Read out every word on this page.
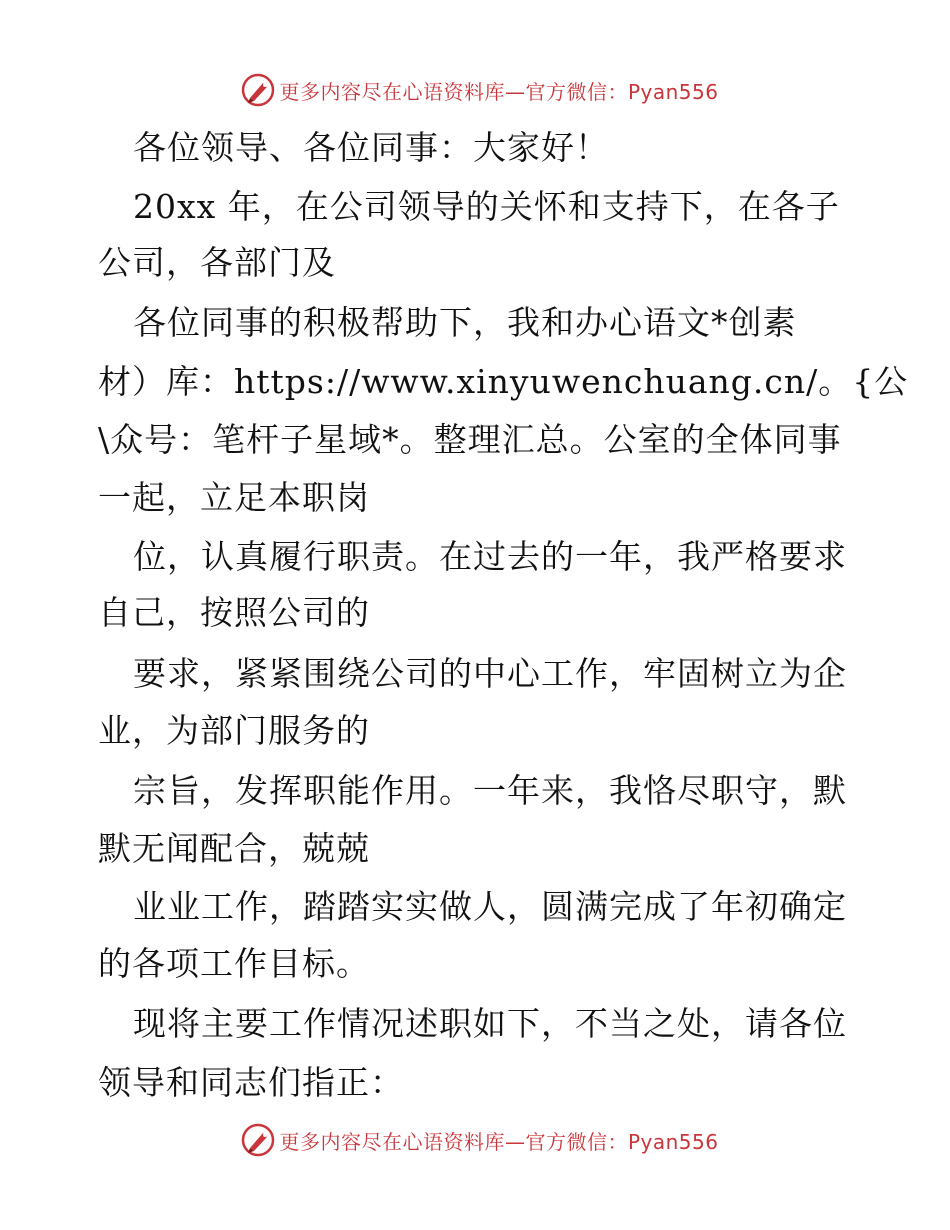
更多内容尽在心语资料库—官方微信：Pyan556
各位领导、各位同事：大家好！
20xx 年，在公司领导的关怀和支持下，在各子
公司，各部门及
各位同事的积极帮助下，我和办心语文*创素
材）库：https://www.xinyuwenchuang.cn/。{公
\众号：笔杆子星域*。整理汇总。公室的全体同事
一起，立足本职岗
位，认真履行职责。在过去的一年，我严格要求
自己，按照公司的
要求，紧紧围绕公司的中心工作，牢固树立为企
业，为部门服务的
宗旨，发挥职能作用。一年来，我恪尽职守，默
默无闻配合，兢兢
业业工作，踏踏实实做人，圆满完成了年初确定
的各项工作目标。
现将主要工作情况述职如下，不当之处，请各位
领导和同志们指正：
更多内容尽在心语资料库—官方微信：Pyan556
